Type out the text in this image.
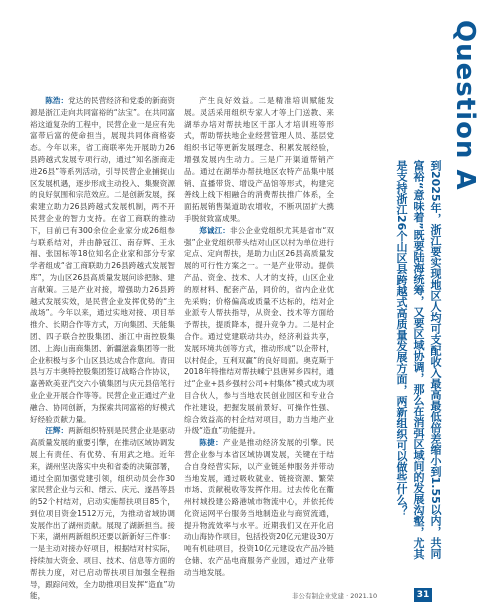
Question A
到2025年，浙江要实现地区人均可支配收入最高最低倍差缩小到1.55以内，共同富裕“意味着”既要陆海统筹，又要区域协调，那么在消弭区域间的发展沟壑，尤其是支持浙江26个山区县跨越式高质量发展方面，两新组织可以做些什么？

陈浩：党达的民营经济和党委的新商资源是浙江走向共同富裕的“法宝”。在共同富裕这道复杂的工程中，民营企业一是应有先富带后富的使命担当，展现共同体商格姿态。今年以来，省工商联率先开展助力26县跨越式发展专项行动，通过“知名浙商走进26县”等系列活动，引导民营企业捕捉山区发展机遇，逐步形成主动投入、集聚资源的良好氛围和宗范效应。二是创新发展，探索建立助力26县跨越式发展机制，两不开民营企业的智力支持。在省工商联的推动下，目前已有300余位企业家分成26组参与联系结对，并由静冠江、南存辉、王永福、张国标等18位知名企业家和部分专家学者组成“省工商联助力26县跨越式发展智库”，为山区26县高质量发展问诊把脉、建言献策。三是产业对接，增强助力26县跨越式发展实效，是民营企业发挥优势的“主战场”。今年以来，通过实地对接、项目举推介、长期合作等方式，万向集团、天能集团、四子联合控股集团、浙江中南控股集团、上海山南商集团、新疆滋淼集团等一批企业积极与多个山区县达成合作意向。青田县与万丰奥特控股集团签订战略合作协议，嘉善欧美亚汽交六小镇集团与庆元县倍笔行业企业开展合作等等。民营企业正通过产业融合、协同创新，为探索共同富裕的好模式好经验贡献力量。

汪辉：两新组织特别是民营企业是驱动高质量发展的重要引擎，在推动区域协调发展上有责任、有优势、有用武之地。近年来，湖州坚决落实中央和省委的决策部署，通过全面加强党建引领，组织动员会作30家民营企业与云和、缙云、庆元、遂昌等县的52个村结对，启动实施帮扶项目85个，到位项目资金1512万元，为推动省域协调发展作出了湖州贡献。展现了湖新担当。接下来，湖州两新组织还要以新新好三件事：一是主动对接办好项目，根据结对村实际，持续加大资金、项目、技术、信息等方面的帮扶力度，对已启动帮扶项目加强全程指导，跟踪问效，全力助推项目发挥“造血”功能，

产生良好效益。二是精准培训赋能发展。灵活采用组织专家人才等上门送教、来湖举办培对帮扶地区干部人才培训班等形式，帮助帮扶地企业经营管理人员、基层党组织书记等更新发展理念、积累发展经验，增强发展内生动力。三是广开渠道帮销产品。通过在湖举办帮扶地区农特产品集中展销、直播带货、增设产品馆等形式，构建完善线上线下相融合的消费帮扶推广体系，全面拓展销售渠道助农增收，不断巩固扩大携手脱贫致富成果。

郑诚江：非公企业党组织尤其是省市“双强”企业党组织带头结对山区以村为单位进行定点、定向帮扶，是助力山区26县高质量发展的可行性方案之一。一是产业带动。提供产品、资金、技术、人才的支持，山区企业的原材料、配套产品，同价的，省内企业优先采购；价格偏高或质量不达标的，结对企业派专人帮扶指导，从资金、技术等方面给予帮扶，提质降本，提升竞争力。二是村企合作。通过党建联动共办，经济利益共享，发展环境共创等方式，推动形成“以企带村，以村促企，互利双赢”的良好局面。奥克斯于2018年特推结对帮扶嵊宁县唐昇乡四村，通过“企业+县乡强村公司+村集体”模式成为项目合伙人，参与当地农民创业园区和专业合作社建设，把握发展前景好、可操作性强、综合效益高的村企结对项目，助力当地产业升级“造血”功能提升。

陈捷：产业是推动经济发展的引擎。民营企业参与本省区域协调发展，关键在于结合自身经营实际，以产业链延伸服务并带动当地发展，通过吸收就业、链接资源、繁荣市场、贡献税收等发挥作用。过去传化在衢州村城投建公路港城市物流中心，并依托传化资运网平台服务当地制造业与商贸流通，提升物流效率与水平。近期我们又在开化启动山海协作项目，包括投资20亿元建设30万吨有机硅项目，投资10亿元建设农产品冷链仓储、农产品电商服务产业园，通过产业带动当地发展。

非公有制企业党建 · 2021.10	31
